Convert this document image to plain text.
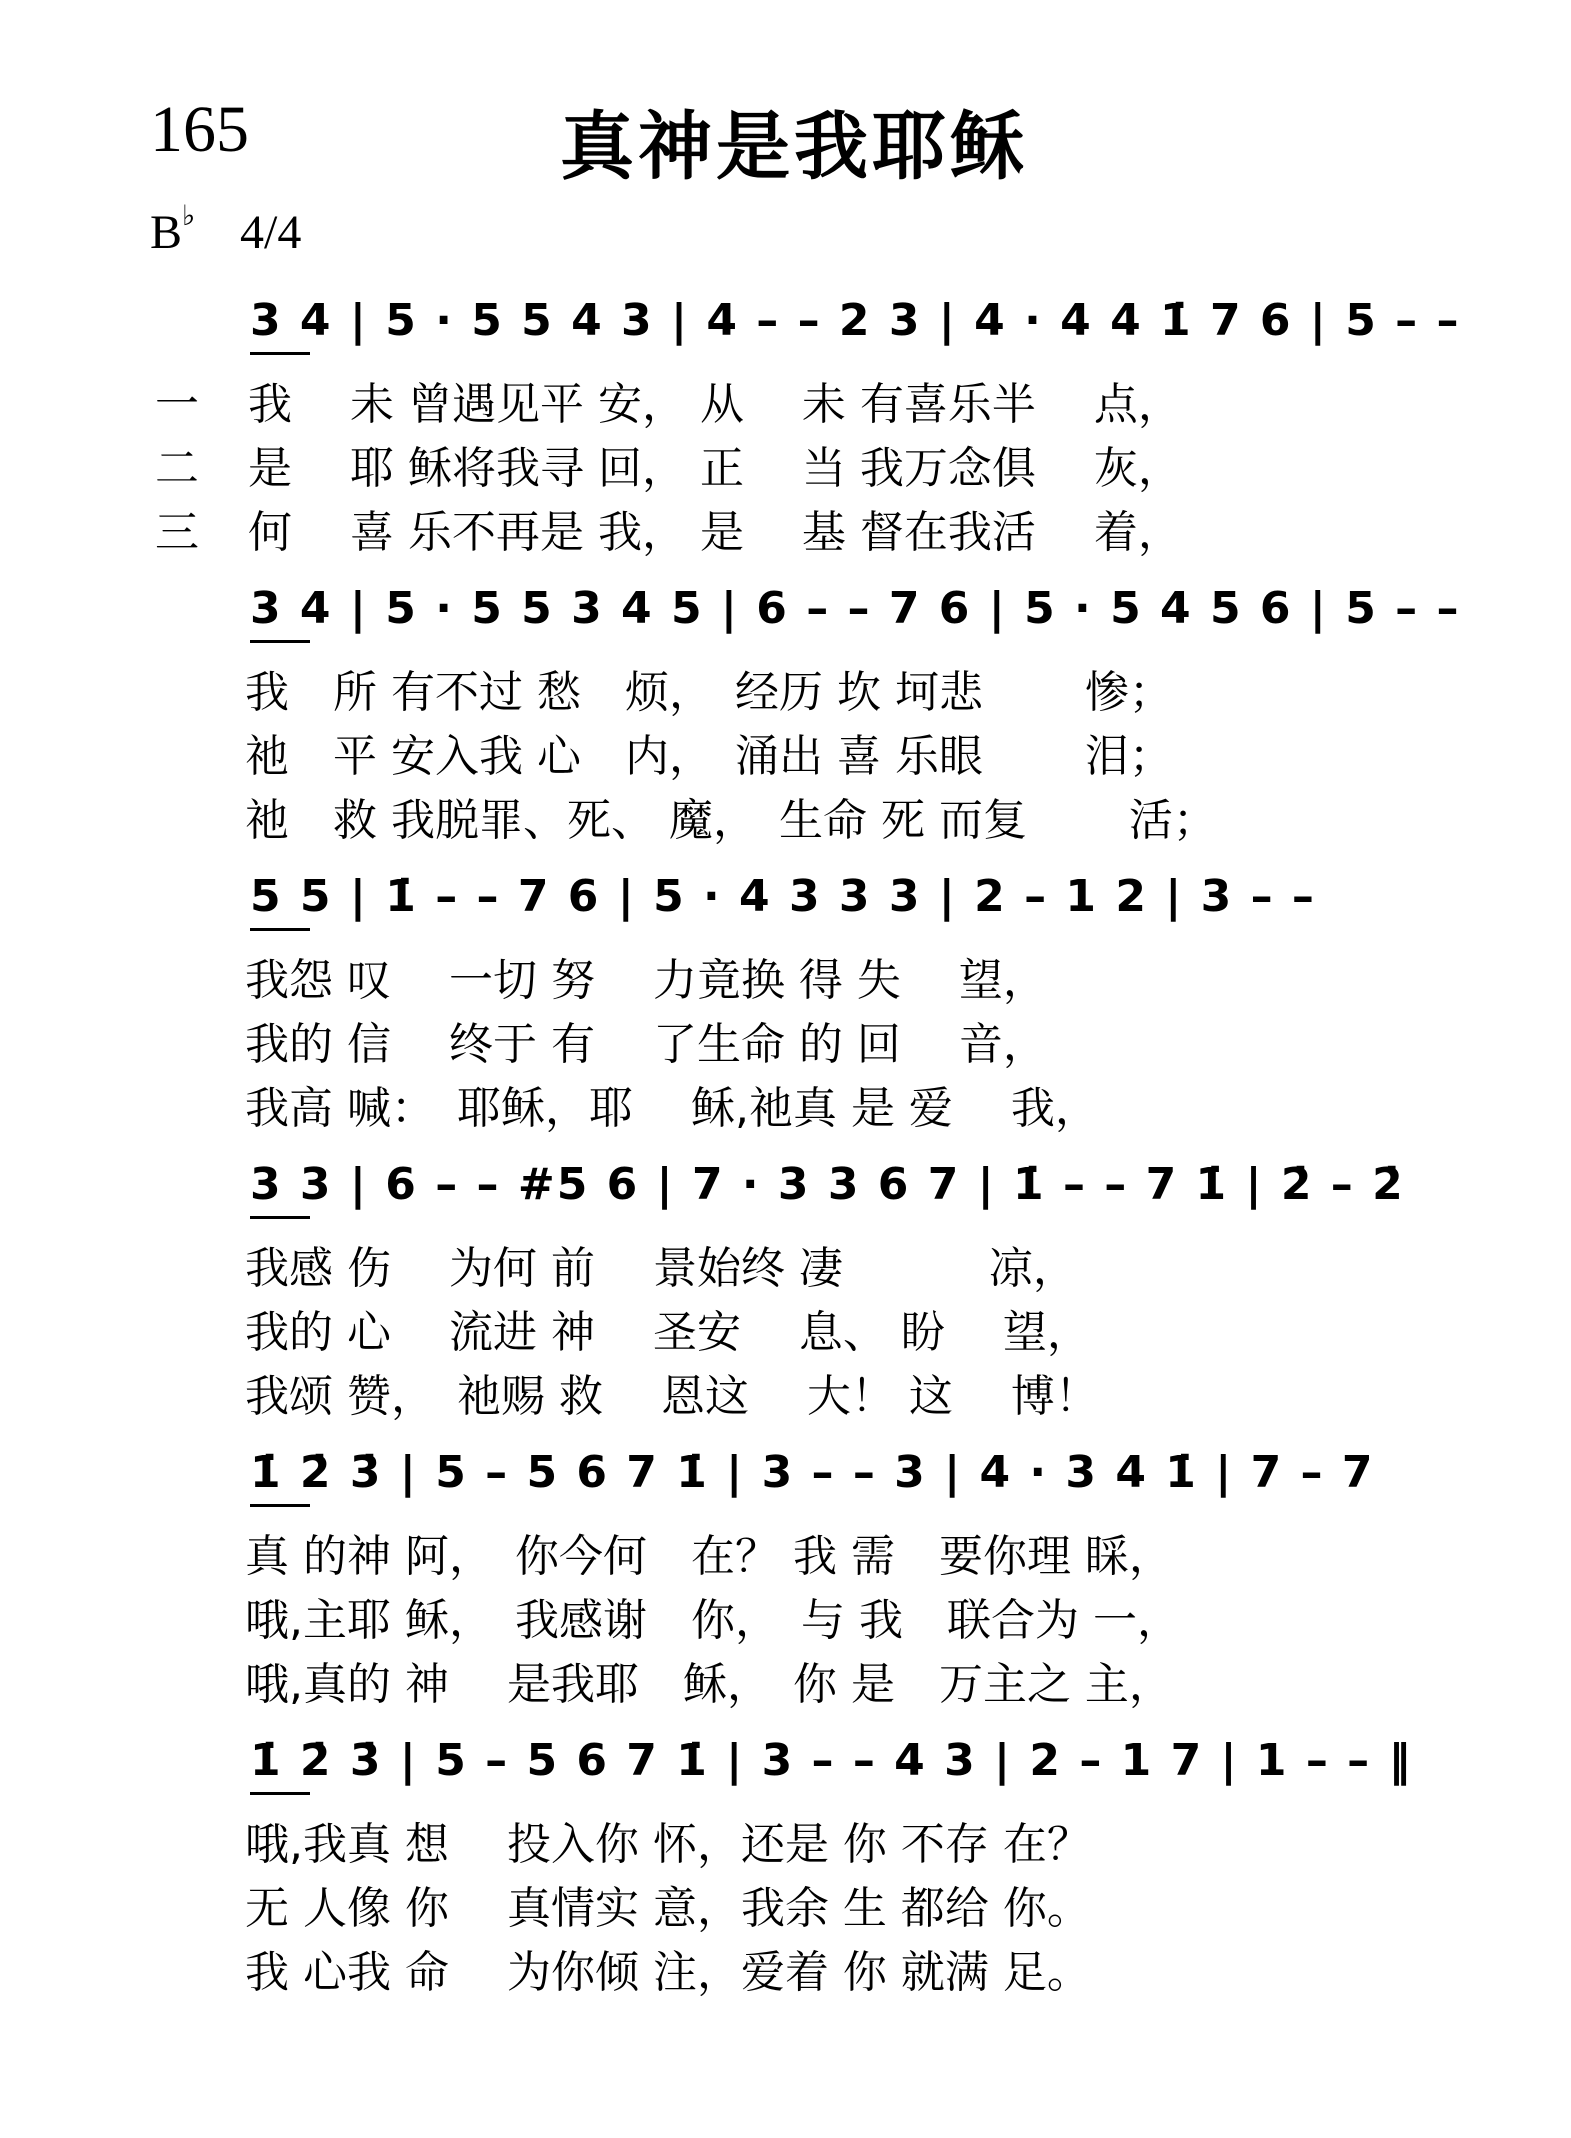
165	真神是我耶稣
B♭ 4/4
3 4 | 5 · 5 5 4 3 | 4 – – 2 3 | 4 · 4 4 1̇ 7 6 | 5 – –
一 我　 未 曾遇见平 安， 从　 未 有喜乐半　 点，
二 是　 耶 稣将我寻 回， 正　 当 我万念俱　 灰，
三 何　 喜 乐不再是 我， 是　 基 督在我活　 着，
3 4 | 5 · 5 5 3 4 5 | 6 – – 7 6 | 5 · 5 4 5 6 | 5 – –
我　所 有不过 愁　烦，　经历 坎 坷悲　　 惨；
祂　平 安入我 心　内，　涌出 喜 乐眼　　 泪；
祂　救 我脱罪、死、 魔，　生命 死 而复　　 活；
5 5 | 1̇ – – 7 6 | 5 · 4 3 3 3 | 2 – 1 2 | 3 – –
我怨 叹　 一切 努　 力竟换 得 失　 望，
我的 信　 终于 有　 了生命 的 回　 音，
我高 喊：　耶稣，耶　 稣,祂真 是 爱　 我，
3 3 | 6 – – #5 6 | 7 · 3 3 6 7 | 1̇ – – 7 1̇ | 2̇ – 2̇
我感 伤　 为何 前　 景始终 凄　　　 凉，
我的 心　 流进 神　 圣安　 息、 盼　 望，
我颂 赞，　祂赐 救　 恩这　 大！ 这　 博！
1̇ 2̇ 3̇ | 5 – 5 6 7 1̇ | 3 – – 3 | 4 · 3 4 1̇ | 7 – 7
真 的神 阿，　你今何　在？ 我 需　要你理 睬，
哦,主耶 稣，　我感谢　你，　与 我　联合为 一，
哦,真的 神　 是我耶　稣，　你 是　万主之 主，
1̇ 2̇ 3̇ | 5 – 5 6 7 1̇ | 3 – – 4 3 | 2 – 1 7 | 1 – – ‖
哦,我真 想　 投入你 怀，还是 你 不存 在？
无 人像 你　 真情实 意，我余 生 都给 你。
我 心我 命　 为你倾 注，爱着 你 就满 足。
